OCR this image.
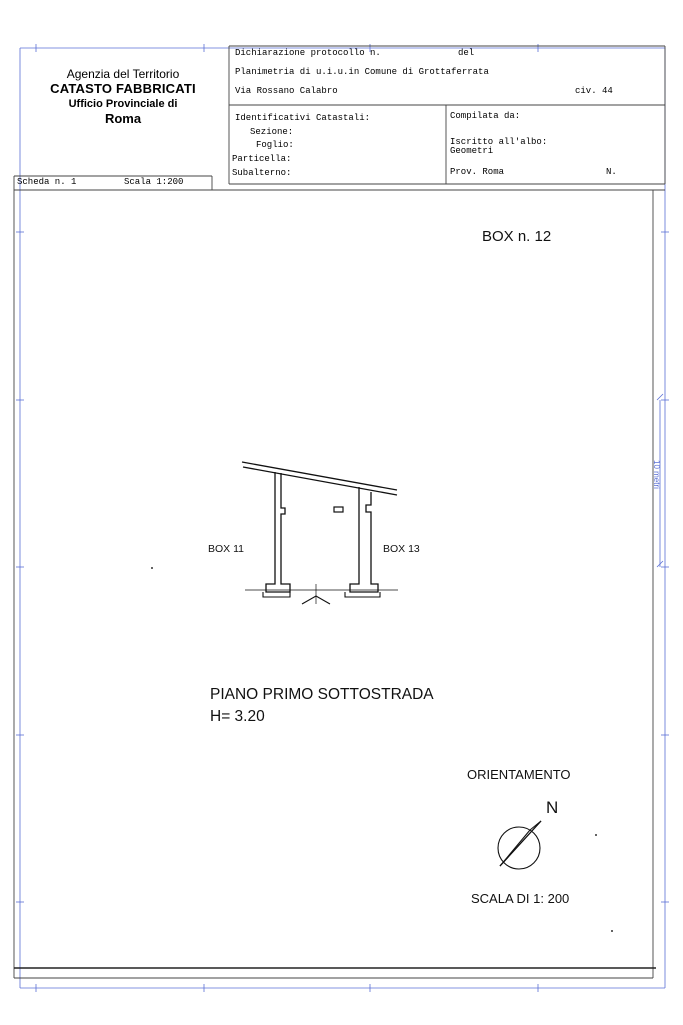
Agenzia del Territorio
CATASTO FABBRICATI
Ufficio Provinciale di
Roma
Dichiarazione protocollo n.	del
Planimetria di u.i.u.in Comune di Grottaferrata
Via Rossano Calabro	civ. 44
Identificativi Catastali:
Sezione:
Foglio:
Particella:
Subalterno:
Compilata da:
Iscritto all'albo:
Geometri
Prov. Roma	N.
Scheda n. 1	Scala 1:200
BOX n. 12
BOX 11	BOX 13
PIANO PRIMO SOTTOSTRADA
H= 3.20
ORIENTAMENTO
N
SCALA DI 1: 200
10 metri
